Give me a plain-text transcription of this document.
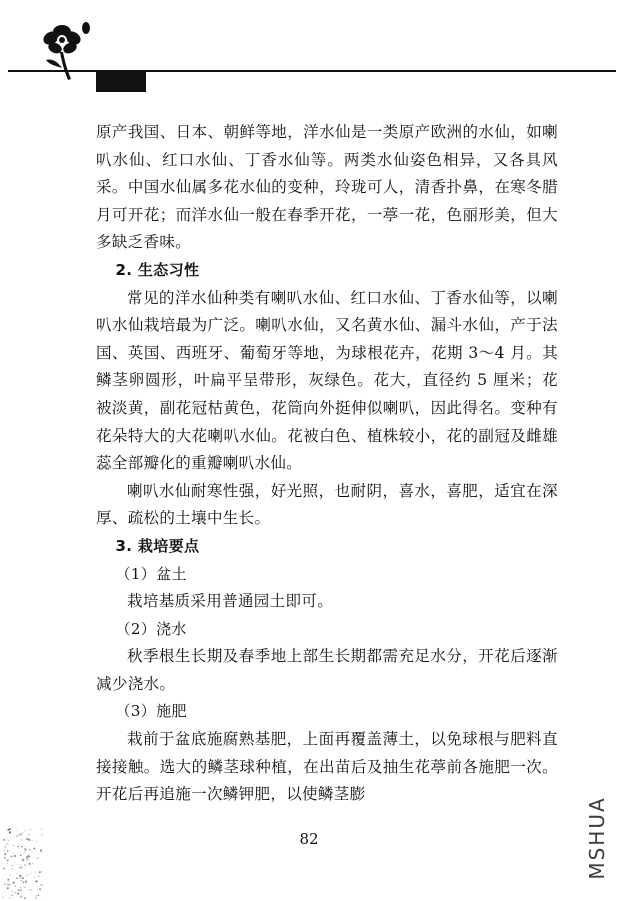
原产我国、日本、朝鲜等地，洋水仙是一类原产欧洲的水仙，如喇叭水仙、红口水仙、丁香水仙等。两类水仙姿色相异，又各具风采。中国水仙属多花水仙的变种，玲珑可人，清香扑鼻，在寒冬腊月可开花；而洋水仙一般在春季开花，一葶一花，色丽形美，但大多缺乏香味。

2. 生态习性

常见的洋水仙种类有喇叭水仙、红口水仙、丁香水仙等，以喇叭水仙栽培最为广泛。喇叭水仙，又名黄水仙、漏斗水仙，产于法国、英国、西班牙、葡萄牙等地，为球根花卉，花期 3～4 月。其鳞茎卵圆形，叶扁平呈带形，灰绿色。花大，直径约 5 厘米；花被淡黄，副花冠枯黄色，花筒向外挺伸似喇叭，因此得名。变种有花朵特大的大花喇叭水仙。花被白色、植株较小，花的副冠及雌雄蕊全部瓣化的重瓣喇叭水仙。

喇叭水仙耐寒性强，好光照，也耐阴，喜水，喜肥，适宜在深厚、疏松的土壤中生长。

3. 栽培要点

（1）盆土

栽培基质采用普通园土即可。

（2）浇水

秋季根生长期及春季地上部生长期都需充足水分，开花后逐渐减少浇水。

（3）施肥

栽前于盆底施腐熟基肥，上面再覆盖薄土，以免球根与肥料直接接触。选大的鳞茎球种植，在出苗后及抽生花葶前各施肥一次。开花后再追施一次鳞钾肥，以使鳞茎膨

82	MSHUA
